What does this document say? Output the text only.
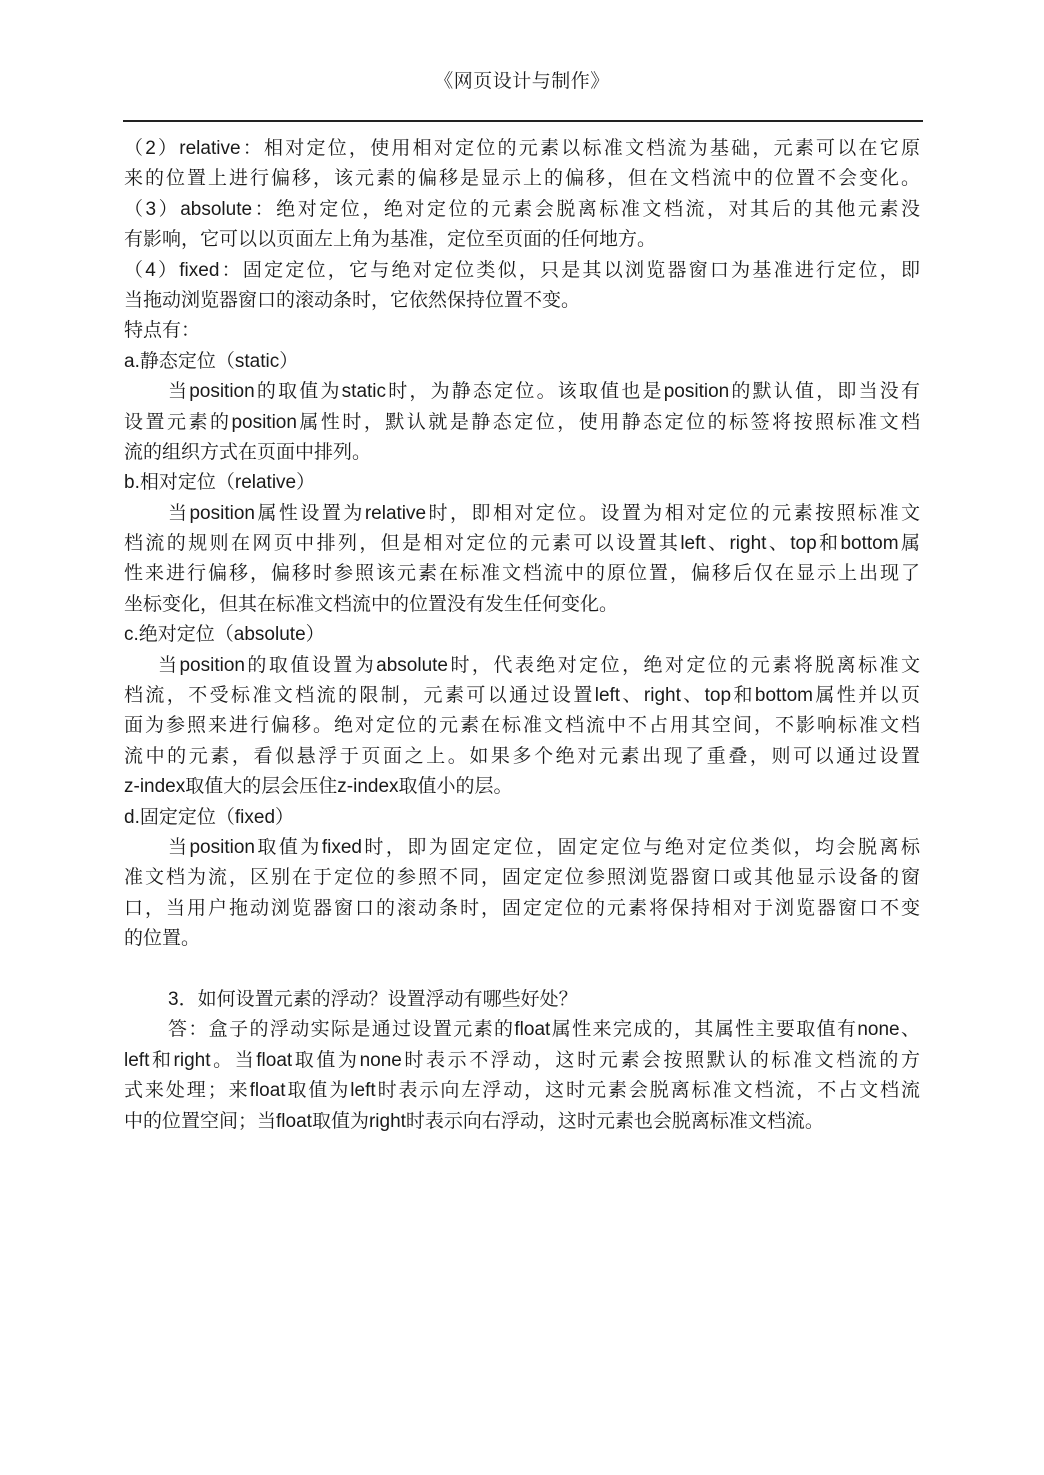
《网页设计与制作》
（2）relative：相对定位，使用相对定位的元素以标准文档流为基础，元素可以在它原
来的位置上进行偏移，该元素的偏移是显示上的偏移，但在文档流中的位置不会变化。
（3）absolute：绝对定位，绝对定位的元素会脱离标准文档流，对其后的其他元素没
有影响，它可以以页面左上角为基准，定位至页面的任何地方。
（4）fixed：固定定位，它与绝对定位类似，只是其以浏览器窗口为基准进行定位，即
当拖动浏览器窗口的滚动条时，它依然保持位置不变。
特点有：
a.静态定位（static）
当position的取值为static时，为静态定位。该取值也是position的默认值，即当没有
设置元素的position属性时，默认就是静态定位，使用静态定位的标签将按照标准文档
流的组织方式在页面中排列。
b.相对定位（relative）
当position属性设置为relative时，即相对定位。设置为相对定位的元素按照标准文
档流的规则在网页中排列，但是相对定位的元素可以设置其left、right、top和bottom属
性来进行偏移，偏移时参照该元素在标准文档流中的原位置，偏移后仅在显示上出现了
坐标变化，但其在标准文档流中的位置没有发生任何变化。
c.绝对定位（absolute）
当position的取值设置为absolute时，代表绝对定位，绝对定位的元素将脱离标准文
档流，不受标准文档流的限制，元素可以通过设置left、right、top和bottom属性并以页
面为参照来进行偏移。绝对定位的元素在标准文档流中不占用其空间，不影响标准文档
流中的元素，看似悬浮于页面之上。如果多个绝对元素出现了重叠，则可以通过设置
z-index取值大的层会压住z-index取值小的层。
d.固定定位（fixed）
当position取值为fixed时，即为固定定位，固定定位与绝对定位类似，均会脱离标
准文档为流，区别在于定位的参照不同，固定定位参照浏览器窗口或其他显示设备的窗
口，当用户拖动浏览器窗口的滚动条时，固定定位的元素将保持相对于浏览器窗口不变
的位置。
3．如何设置元素的浮动？设置浮动有哪些好处？
答：盒子的浮动实际是通过设置元素的float属性来完成的，其属性主要取值有none、
left和right。当float取值为none时表示不浮动，这时元素会按照默认的标准文档流的方
式来处理；来float取值为left时表示向左浮动，这时元素会脱离标准文档流，不占文档流
中的位置空间；当float取值为right时表示向右浮动，这时元素也会脱离标准文档流。
